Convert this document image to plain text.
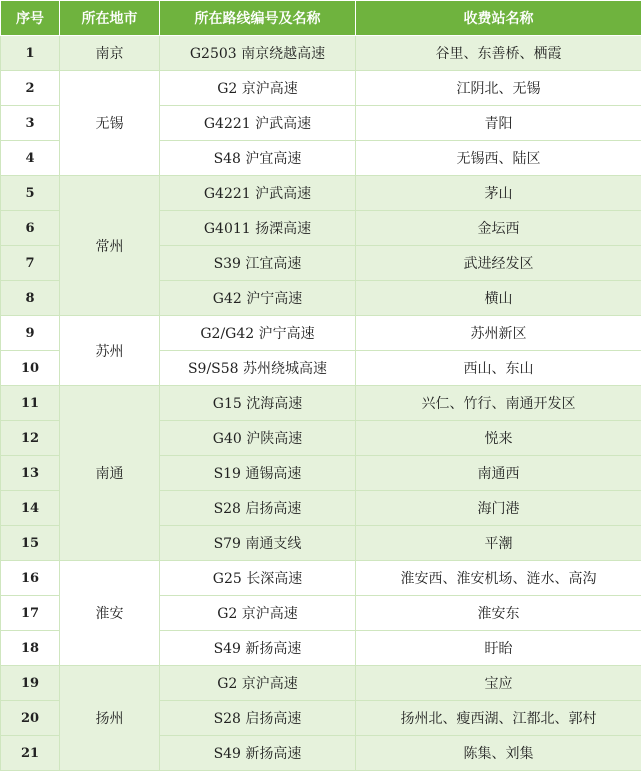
序号	所在地市	所在路线编号及名称	收费站名称
1	南京	G2503 南京绕越高速	谷里、东善桥、栖霞
2	无锡	G2 京沪高速	江阴北、无锡
3		G4221 沪武高速	青阳
4		S48 沪宜高速	无锡西、陆区
5	常州	G4221 沪武高速	茅山
6		G4011 扬溧高速	金坛西
7		S39 江宜高速	武进经发区
8		G42 沪宁高速	横山
9	苏州	G2/G42 沪宁高速	苏州新区
10		S9/S58 苏州绕城高速	西山、东山
11	南通	G15 沈海高速	兴仁、竹行、南通开发区
12		G40 沪陕高速	悦来
13		S19 通锡高速	南通西
14		S28 启扬高速	海门港
15		S79 南通支线	平潮
16	淮安	G25 长深高速	淮安西、淮安机场、涟水、高沟
17		G2 京沪高速	淮安东
18		S49 新扬高速	盱眙
19	扬州	G2 京沪高速	宝应
20		S28 启扬高速	扬州北、瘦西湖、江都北、郭村
21		S49 新扬高速	陈集、刘集
